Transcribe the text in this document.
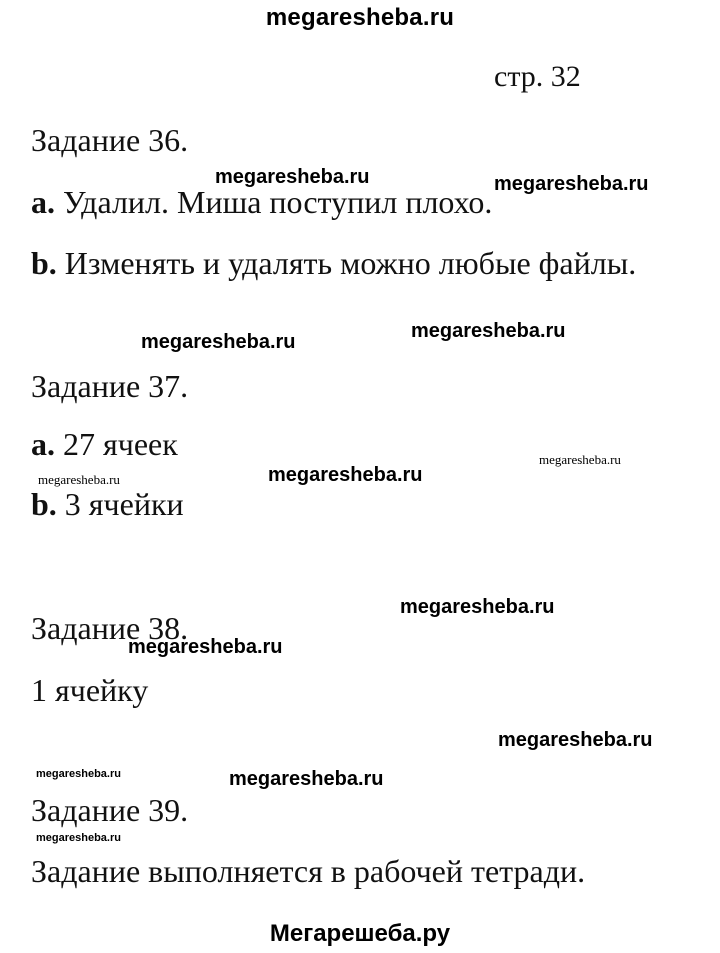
megaresheba.ru
стр. 32
Задание 36.
a. Удалил. Миша поступил плохо.
b. Изменять и удалять можно любые файлы.
Задание 37.
a. 27 ячеек
b. 3 ячейки
Задание 38.
1 ячейку
Задание 39.
Задание выполняется в рабочей тетради.
megaresheba.ru	megaresheba.ru
megaresheba.ru
megaresheba.ru
megaresheba.ru
megaresheba.ru
megaresheba.ru
megaresheba.ru
megaresheba.ru
megaresheba.ru
megaresheba.ru	megaresheba.ru
megaresheba.ru
Мегарешеба.ру
